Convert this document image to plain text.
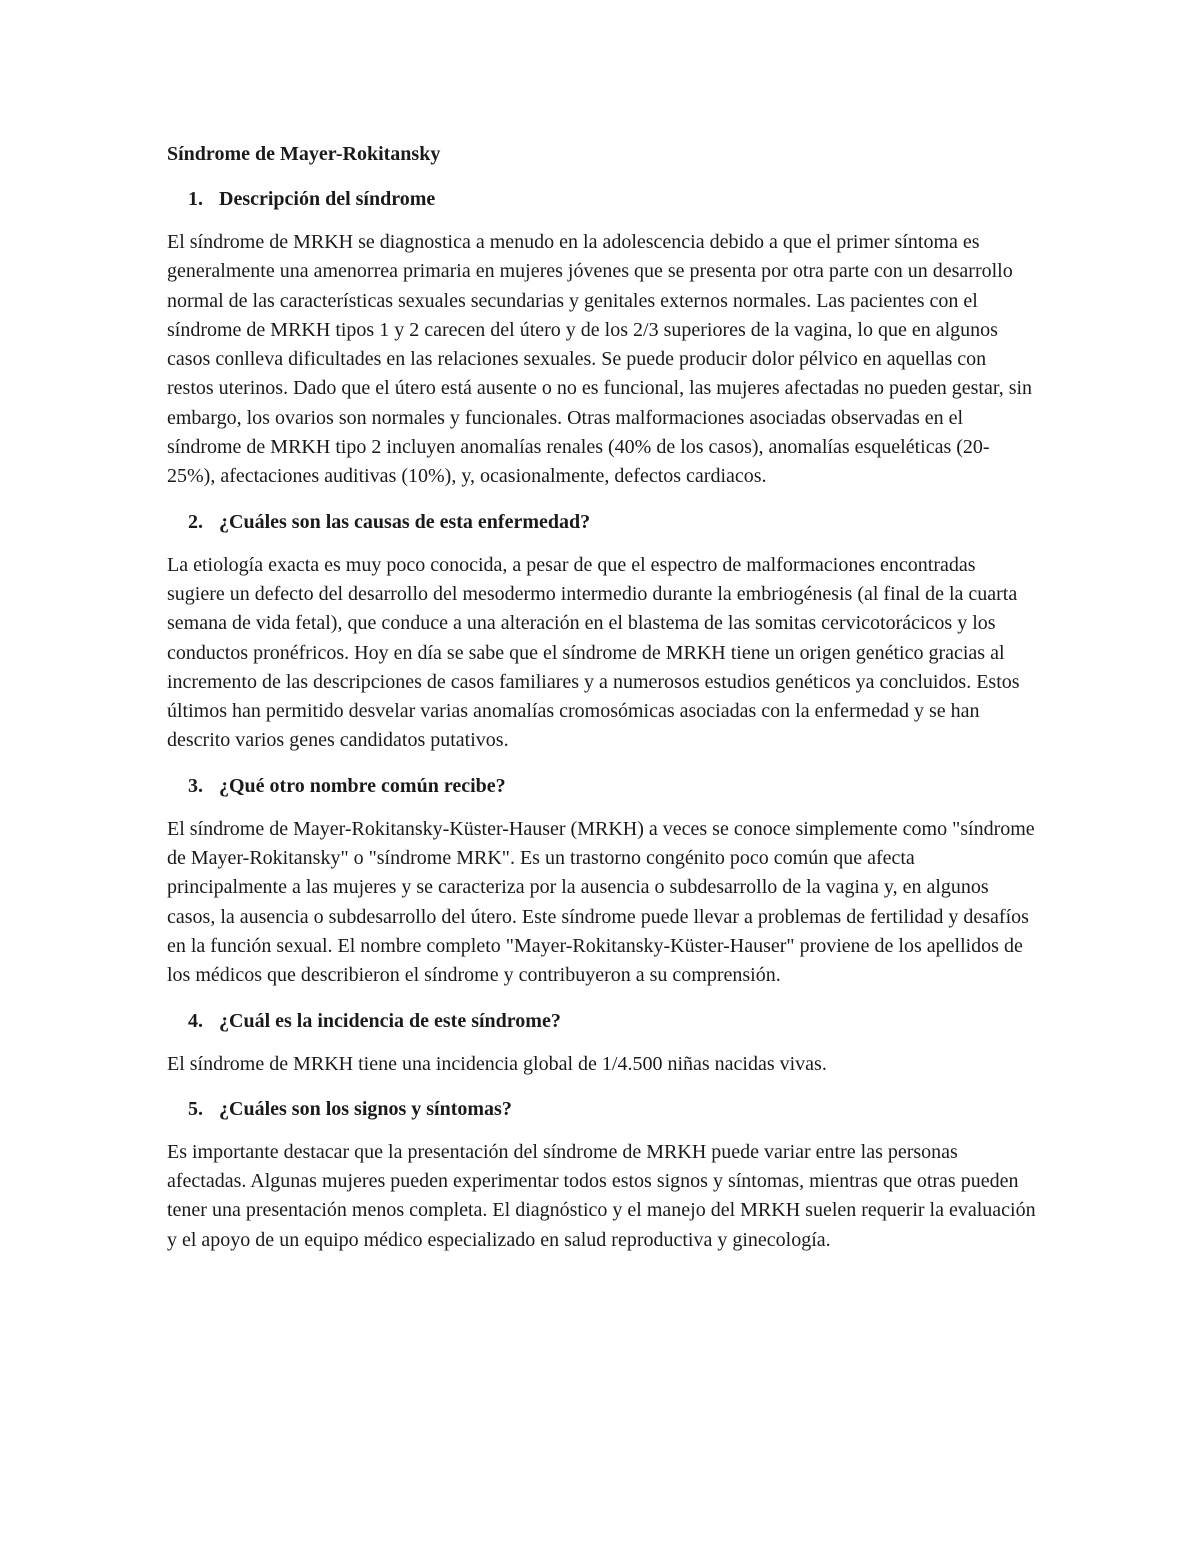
Síndrome de Mayer-Rokitansky
1. Descripción del síndrome

El síndrome de MRKH se diagnostica a menudo en la adolescencia debido a que el primer síntoma es generalmente una amenorrea primaria en mujeres jóvenes que se presenta por otra parte con un desarrollo normal de las características sexuales secundarias y genitales externos normales. Las pacientes con el síndrome de MRKH tipos 1 y 2 carecen del útero y de los 2/3 superiores de la vagina, lo que en algunos casos conlleva dificultades en las relaciones sexuales. Se puede producir dolor pélvico en aquellas con restos uterinos. Dado que el útero está ausente o no es funcional, las mujeres afectadas no pueden gestar, sin embargo, los ovarios son normales y funcionales. Otras malformaciones asociadas observadas en el síndrome de MRKH tipo 2 incluyen anomalías renales (40% de los casos), anomalías esqueléticas (20-25%), afectaciones auditivas (10%), y, ocasionalmente, defectos cardiacos.

2. ¿Cuáles son las causas de esta enfermedad?

La etiología exacta es muy poco conocida, a pesar de que el espectro de malformaciones encontradas sugiere un defecto del desarrollo del mesodermo intermedio durante la embriogénesis (al final de la cuarta semana de vida fetal), que conduce a una alteración en el blastema de las somitas cervicotorácicos y los conductos pronéfricos. Hoy en día se sabe que el síndrome de MRKH tiene un origen genético gracias al incremento de las descripciones de casos familiares y a numerosos estudios genéticos ya concluidos. Estos últimos han permitido desvelar varias anomalías cromosómicas asociadas con la enfermedad y se han descrito varios genes candidatos putativos.

3. ¿Qué otro nombre común recibe?

El síndrome de Mayer-Rokitansky-Küster-Hauser (MRKH) a veces se conoce simplemente como "síndrome de Mayer-Rokitansky" o "síndrome MRK". Es un trastorno congénito poco común que afecta principalmente a las mujeres y se caracteriza por la ausencia o subdesarrollo de la vagina y, en algunos casos, la ausencia o subdesarrollo del útero. Este síndrome puede llevar a problemas de fertilidad y desafíos en la función sexual. El nombre completo "Mayer-Rokitansky-Küster-Hauser" proviene de los apellidos de los médicos que describieron el síndrome y contribuyeron a su comprensión.

4. ¿Cuál es la incidencia de este síndrome?

El síndrome de MRKH tiene una incidencia global de 1/4.500 niñas nacidas vivas.

5. ¿Cuáles son los signos y síntomas?

Es importante destacar que la presentación del síndrome de MRKH puede variar entre las personas afectadas. Algunas mujeres pueden experimentar todos estos signos y síntomas, mientras que otras pueden tener una presentación menos completa. El diagnóstico y el manejo del MRKH suelen requerir la evaluación y el apoyo de un equipo médico especializado en salud reproductiva y ginecología.
